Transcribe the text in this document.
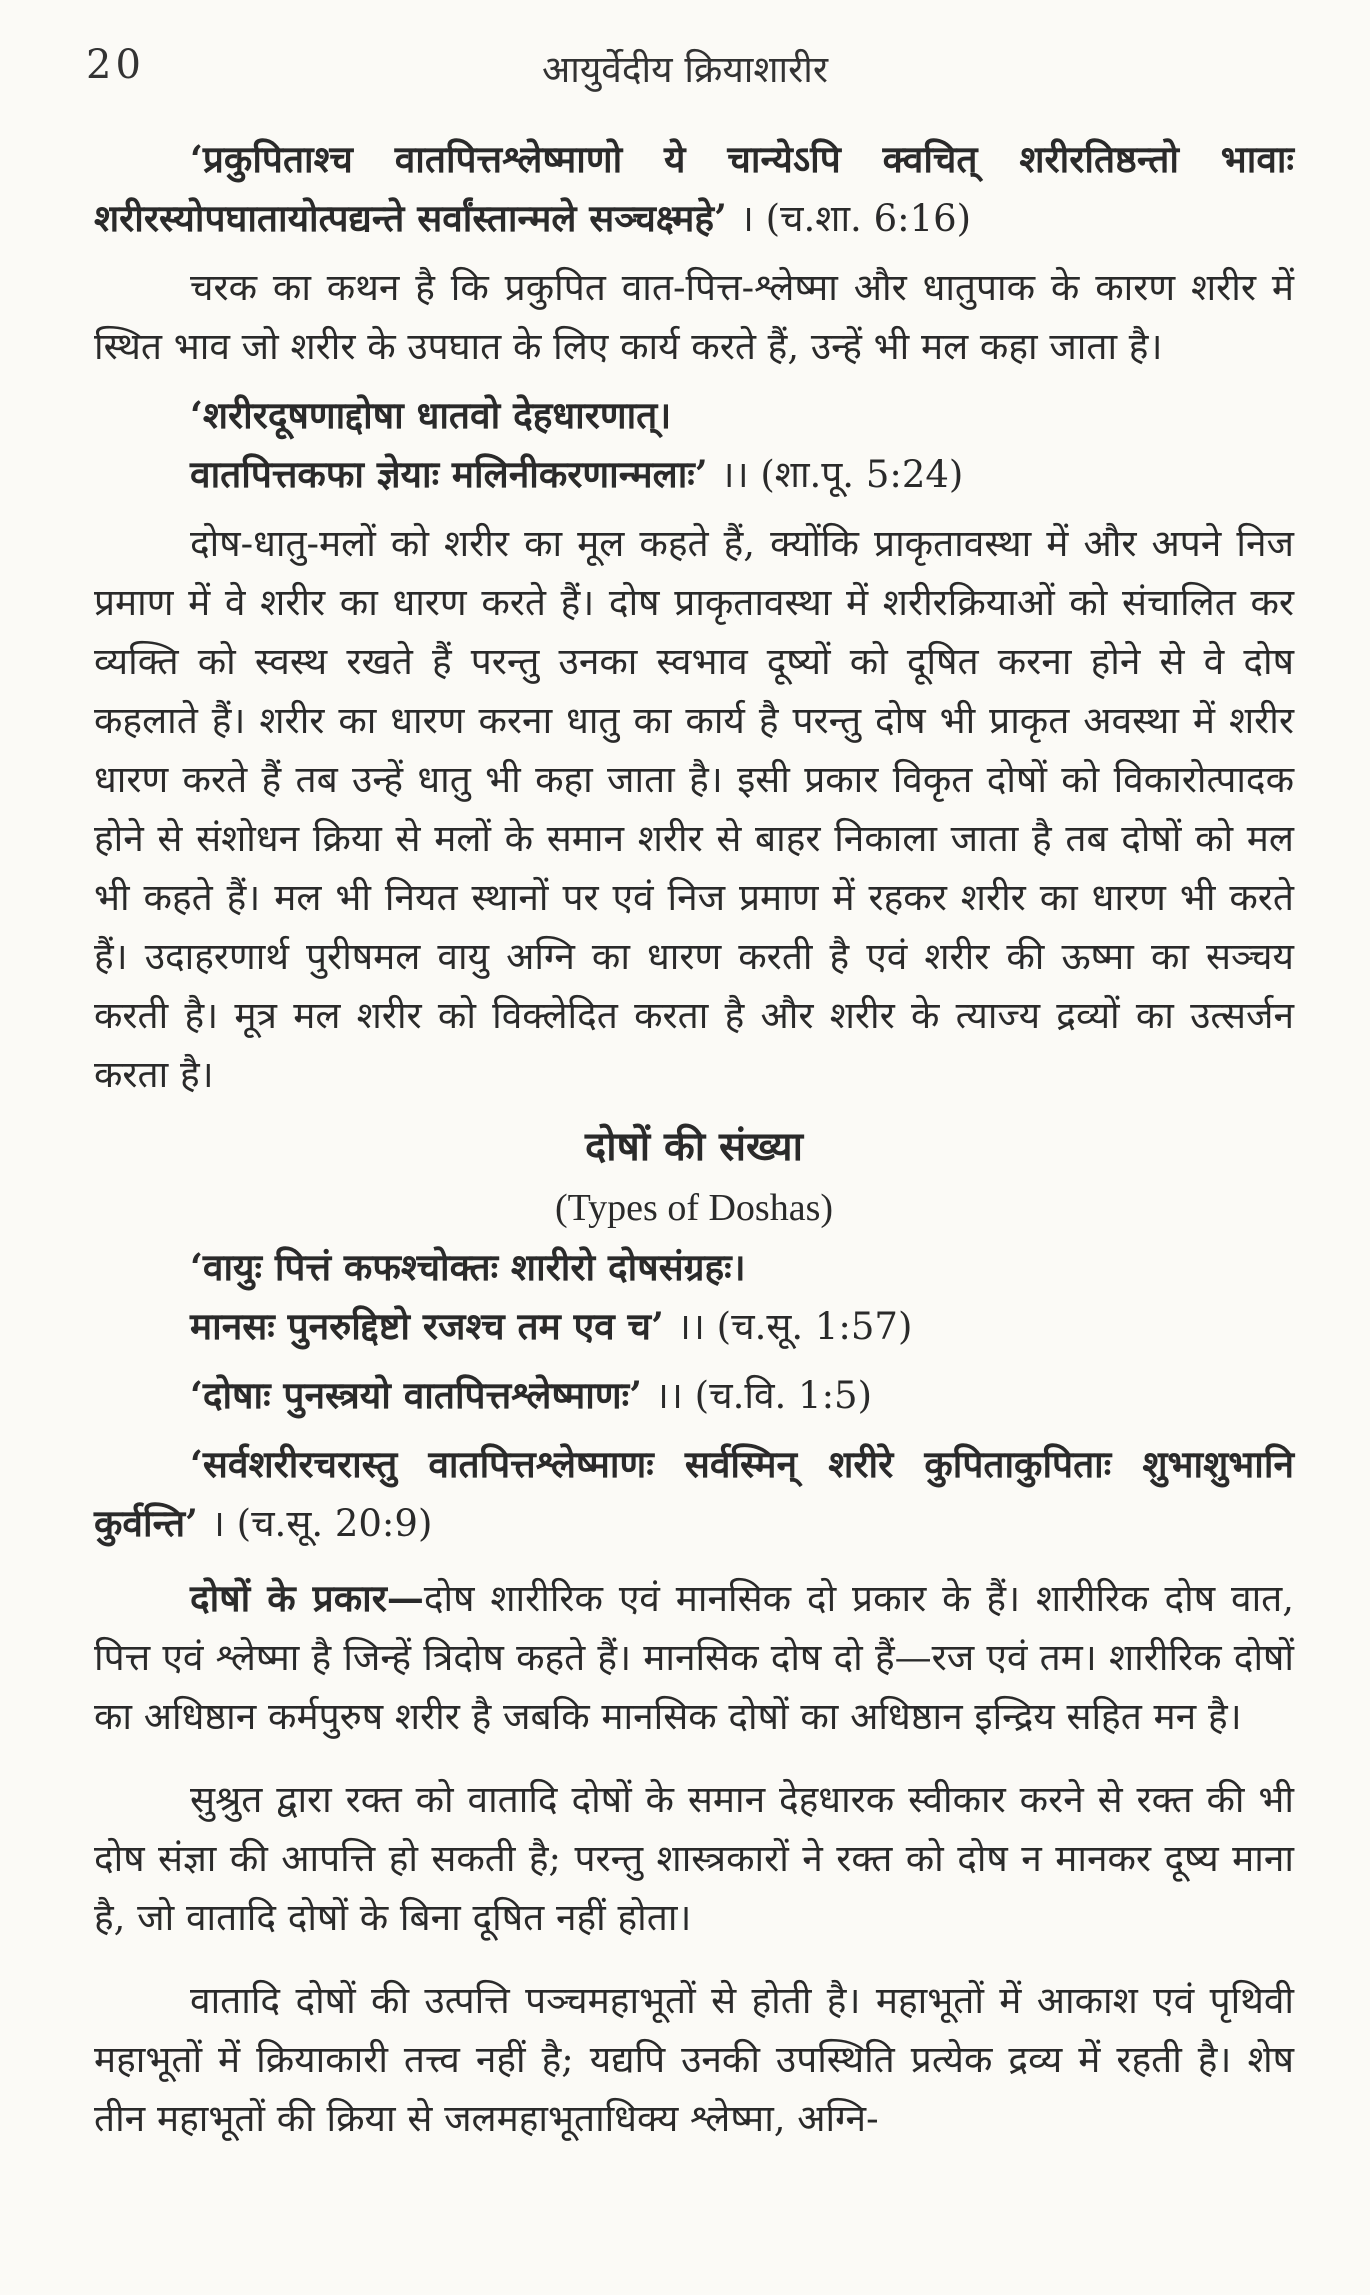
20	आयुर्वेदीय क्रियाशारीर

‘प्रकुपिताश्च वातपित्तश्लेष्माणो ये चान्येऽपि क्वचित् शरीरतिष्ठन्तो भावाः शरीरस्योपघातायोत्पद्यन्ते सर्वांस्तान्मले सञ्चक्ष्महे’ । (च.शा. 6:16)

चरक का कथन है कि प्रकुपित वात-पित्त-श्लेष्मा और धातुपाक के कारण शरीर में स्थित भाव जो शरीर के उपघात के लिए कार्य करते हैं, उन्हें भी मल कहा जाता है।

‘शरीरदूषणाद्दोषा धातवो देहधारणात्।
वातपित्तकफा ज्ञेयाः मलिनीकरणान्मलाः’ ।। (शा.पू. 5:24)

दोष-धातु-मलों को शरीर का मूल कहते हैं, क्योंकि प्राकृतावस्था में और अपने निज प्रमाण में वे शरीर का धारण करते हैं। दोष प्राकृतावस्था में शरीरक्रियाओं को संचालित कर व्यक्ति को स्वस्थ रखते हैं परन्तु उनका स्वभाव दूष्यों को दूषित करना होने से वे दोष कहलाते हैं। शरीर का धारण करना धातु का कार्य है परन्तु दोष भी प्राकृत अवस्था में शरीर धारण करते हैं तब उन्हें धातु भी कहा जाता है। इसी प्रकार विकृत दोषों को विकारोत्पादक होने से संशोधन क्रिया से मलों के समान शरीर से बाहर निकाला जाता है तब दोषों को मल भी कहते हैं। मल भी नियत स्थानों पर एवं निज प्रमाण में रहकर शरीर का धारण भी करते हैं। उदाहरणार्थ पुरीषमल वायु अग्नि का धारण करती है एवं शरीर की ऊष्मा का सञ्चय करती है। मूत्र मल शरीर को विक्लेदित करता है और शरीर के त्याज्य द्रव्यों का उत्सर्जन करता है।

दोषों की संख्या
(Types of Doshas)
‘वायुः पित्तं कफश्चोक्तः शारीरो दोषसंग्रहः।
मानसः पुनरुद्दिष्टो रजश्च तम एव च’ ।। (च.सू. 1:57)
‘दोषाः पुनस्त्रयो वातपित्तश्लेष्माणः’ ।। (च.वि. 1:5)

‘सर्वशरीरचरास्तु वातपित्तश्लेष्माणः सर्वस्मिन् शरीरे कुपिताकुपिताः शुभाशुभानि कुर्वन्ति’ । (च.सू. 20:9)

दोषों के प्रकार—दोष शारीरिक एवं मानसिक दो प्रकार के हैं। शारीरिक दोष वात, पित्त एवं श्लेष्मा है जिन्हें त्रिदोष कहते हैं। मानसिक दोष दो हैं—रज एवं तम। शारीरिक दोषों का अधिष्ठान कर्मपुरुष शरीर है जबकि मानसिक दोषों का अधिष्ठान इन्द्रिय सहित मन है।

सुश्रुत द्वारा रक्त को वातादि दोषों के समान देहधारक स्वीकार करने से रक्त की भी दोष संज्ञा की आपत्ति हो सकती है; परन्तु शास्त्रकारों ने रक्त को दोष न मानकर दूष्य माना है, जो वातादि दोषों के बिना दूषित नहीं होता।

वातादि दोषों की उत्पत्ति पञ्चमहाभूतों से होती है। महाभूतों में आकाश एवं पृथिवी महाभूतों में क्रियाकारी तत्त्व नहीं है; यद्यपि उनकी उपस्थिति प्रत्येक द्रव्य में रहती है। शेष तीन महाभूतों की क्रिया से जलमहाभूताधिक्य श्लेष्मा, अग्नि-
